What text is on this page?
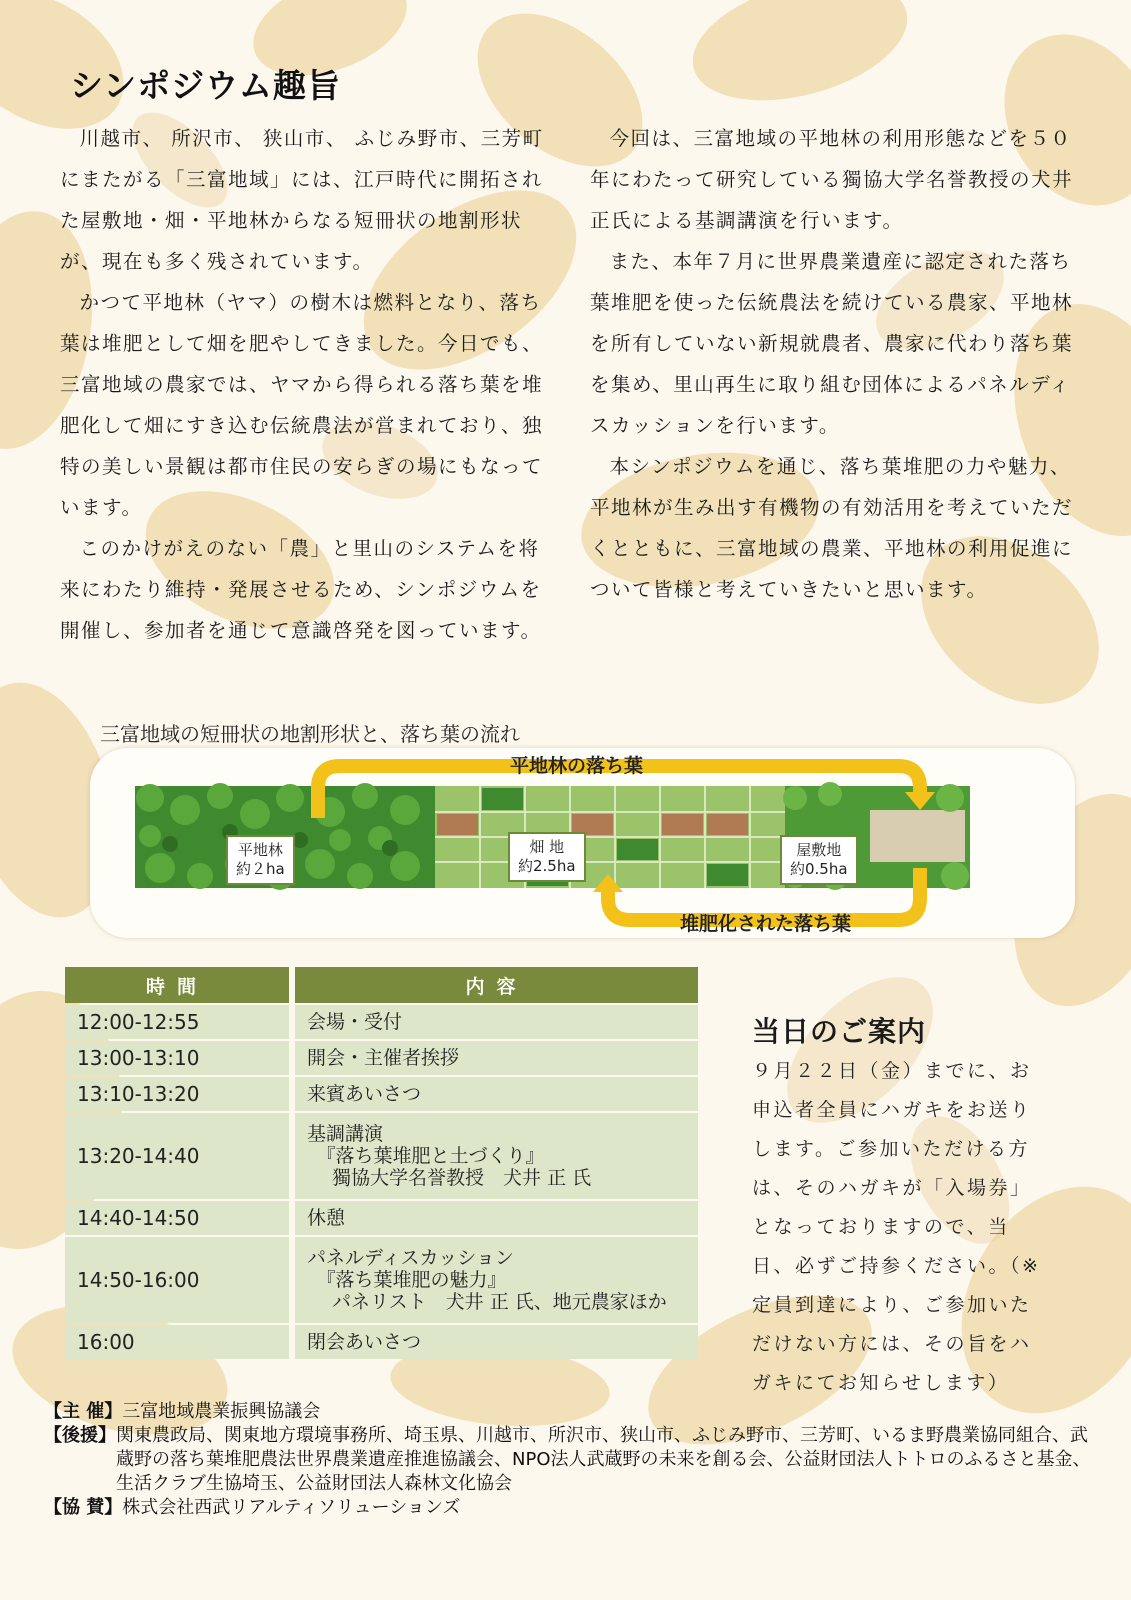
シンポジウム趣旨

川越市、 所沢市、 狭山市、 ふじみ野市、三芳町にまたがる「三富地域」には、江戸時代に開拓された屋敷地・畑・平地林からなる短冊状の地割形状が、現在も多く残されています。

かつて平地林（ヤマ）の樹木は燃料となり、落ち葉は堆肥として畑を肥やしてきました。今日でも、三富地域の農家では、ヤマから得られる落ち葉を堆肥化して畑にすき込む伝統農法が営まれており、独特の美しい景観は都市住民の安らぎの場にもなっています。

このかけがえのない「農」と里山のシステムを将来にわたり維持・発展させるため、シンポジウムを開催し、参加者を通じて意識啓発を図っています。

今回は、三富地域の平地林の利用形態などを５０年にわたって研究している獨協大学名誉教授の犬井正氏による基調講演を行います。

また、本年７月に世界農業遺産に認定された落ち葉堆肥を使った伝統農法を続けている農家、平地林を所有していない新規就農者、農家に代わり落ち葉を集め、里山再生に取り組む団体によるパネルディスカッションを行います。

本シンポジウムを通じ、落ち葉堆肥の力や魅力、平地林が生み出す有機物の有効活用を考えていただくとともに、三富地域の農業、平地林の利用促進について皆様と考えていきたいと思います。

三富地域の短冊状の地割形状と、落ち葉の流れ
平地林
約２ha
畑 地
約2.5ha
屋敷地
約0.5ha
平地林の落ち葉
堆肥化された落ち葉
時間		内容
12:00-12:55		会場・受付

13:00-13:10		開会・主催者挨拶

13:10-13:20		来賓あいさつ

13:20-14:40		基調講演
　『落ち葉堆肥と土づくり』
　 獨協大学名誉教授　犬井 正 氏

14:40-14:50		休憩

14:50-16:00		パネルディスカッション
　『落ち葉堆肥の魅力』
　 パネリスト　犬井 正 氏、地元農家ほか

16:00		閉会あいさつ
当日のご案内
９月２２日（金）までに、お申込者全員にハガキをお送りします。ご参加いただける方は、そのハガキが「入場券」となっておりますので、当日、必ずご持参ください。（※定員到達により、ご参加いただけない方には、その旨をハガキにてお知らせします）
【主 催】 三富地域農業振興協議会
【後援】 関東農政局、関東地方環境事務所、埼玉県、川越市、所沢市、狭山市、ふじみ野市、三芳町、いるま野農業協同組合、武蔵野の落ち葉堆肥農法世界農業遺産推進協議会、NPO法人武蔵野の未来を創る会、公益財団法人トトロのふるさと基金、生活クラブ生協埼玉、公益財団法人森林文化協会
【協 賛】 株式会社西武リアルティソリューションズ
